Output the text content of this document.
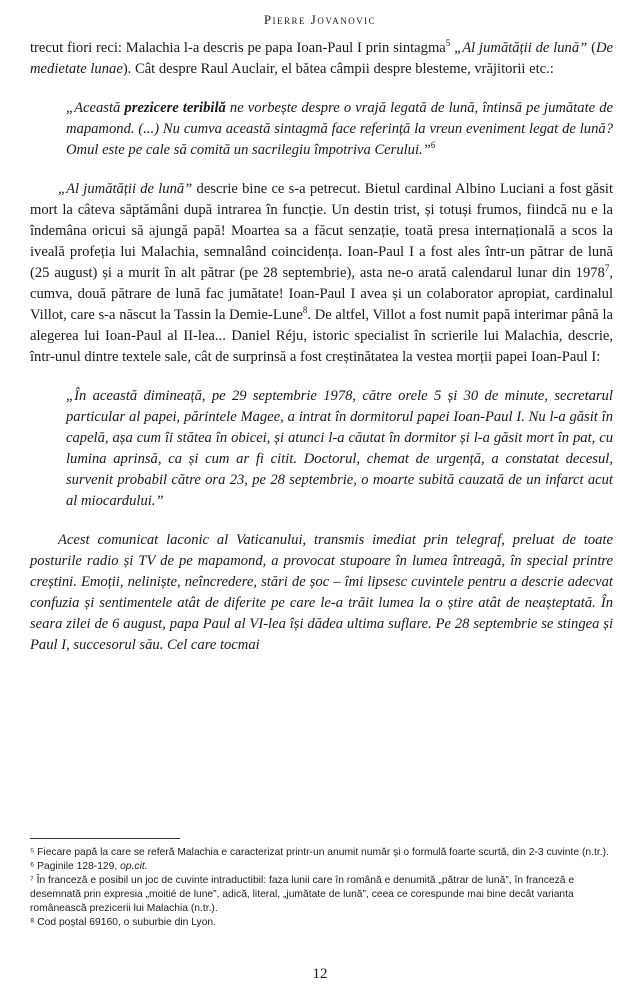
Pierre Jovanovic

trecut fiori reci: Malachia l-a descris pe papa Ioan-Paul I prin sintagma$^5$ „Al jumătății de lună” (De medietate lunae). Cât despre Raul Auclair, el bătea câmpii despre blesteme, vrăjitorii etc.:

„Această prezicere teribilă ne vorbește despre o vrajă legată de lună, întinsă pe jumătate de mapamond. (...) Nu cumva această sintagmă face referință la vreun eveniment legat de lună? Omul este pe cale să comită un sacrilegiu împotriva Cerului.”$^6$

„Al jumătății de lună” descrie bine ce s-a petrecut. Bietul cardinal Albino Luciani a fost găsit mort la câteva săptămâni după intrarea în funcție. Un destin trist, și totuși frumos, fiindcă nu e la îndemâna oricui să ajungă papă! Moartea sa a făcut senzație, toată presa internațională a scos la iveală profeția lui Malachia, semnalând coincidența. Ioan-Paul I a fost ales într-un pătrar de lună (25 august) și a murit în alt pătrar (pe 28 septembrie), asta ne-o arată calendarul lunar din 1978$^7$, cumva, două pătrare de lună fac jumătate! Ioan-Paul I avea și un colaborator apropiat, cardinalul Villot, care s-a născut la Tassin la Demie-Lune$^8$. De altfel, Villot a fost numit papă interimar până la alegerea lui Ioan-Paul al II-lea... Daniel Réju, istoric specialist în scrierile lui Malachia, descrie, într-unul dintre textele sale, cât de surprinsă a fost creștinătatea la vestea morții papei Ioan-Paul I:

„În această dimineață, pe 29 septembrie 1978, către orele 5 și 30 de minute, secretarul particular al papei, părintele Magee, a intrat în dormitorul papei Ioan-Paul I. Nu l-a găsit în capelă, așa cum îi stătea în obicei, și atunci l-a căutat în dormitor și l-a găsit mort în pat, cu lumina aprinsă, ca și cum ar fi citit. Doctorul, chemat de urgență, a constatat decesul, survenit probabil către ora 23, pe 28 septembrie, o moarte subită cauzată de un infarct acut al miocardului.”

Acest comunicat laconic al Vaticanului, transmis imediat prin telegraf, preluat de toate posturile radio și TV de pe mapamond, a provocat stupoare în lumea întreagă, în special printre creștini. Emoții, neliniște, neîncredere, stări de șoc – îmi lipsesc cuvintele pentru a descrie adecvat confuzia și sentimentele atât de diferite pe care le-a trăit lumea la o știre atât de neașteptată. În seara zilei de 6 august, papa Paul al VI-lea își dădea ultima suflare. Pe 28 septembrie se stingea și Paul I, succesorul său. Cel care tocmai

⁵ Fiecare papă la care se referă Malachia e caracterizat printr-un anumit număr și o formulă foarte scurtă, din 2-3 cuvinte (n.tr.).

⁶ Paginile 128-129, op.cit.

⁷ În franceză e posibil un joc de cuvinte intraductibil: faza lunii care în română e denumită „pătrar de lună”, în franceză e desemnată prin expresia „moitié de lune”, adică, literal, „jumătate de lună”, ceea ce corespunde mai bine decât varianta românească prezicerii lui Malachia (n.tr.).

⁸ Cod poștal 69160, o suburbie din Lyon.

12
